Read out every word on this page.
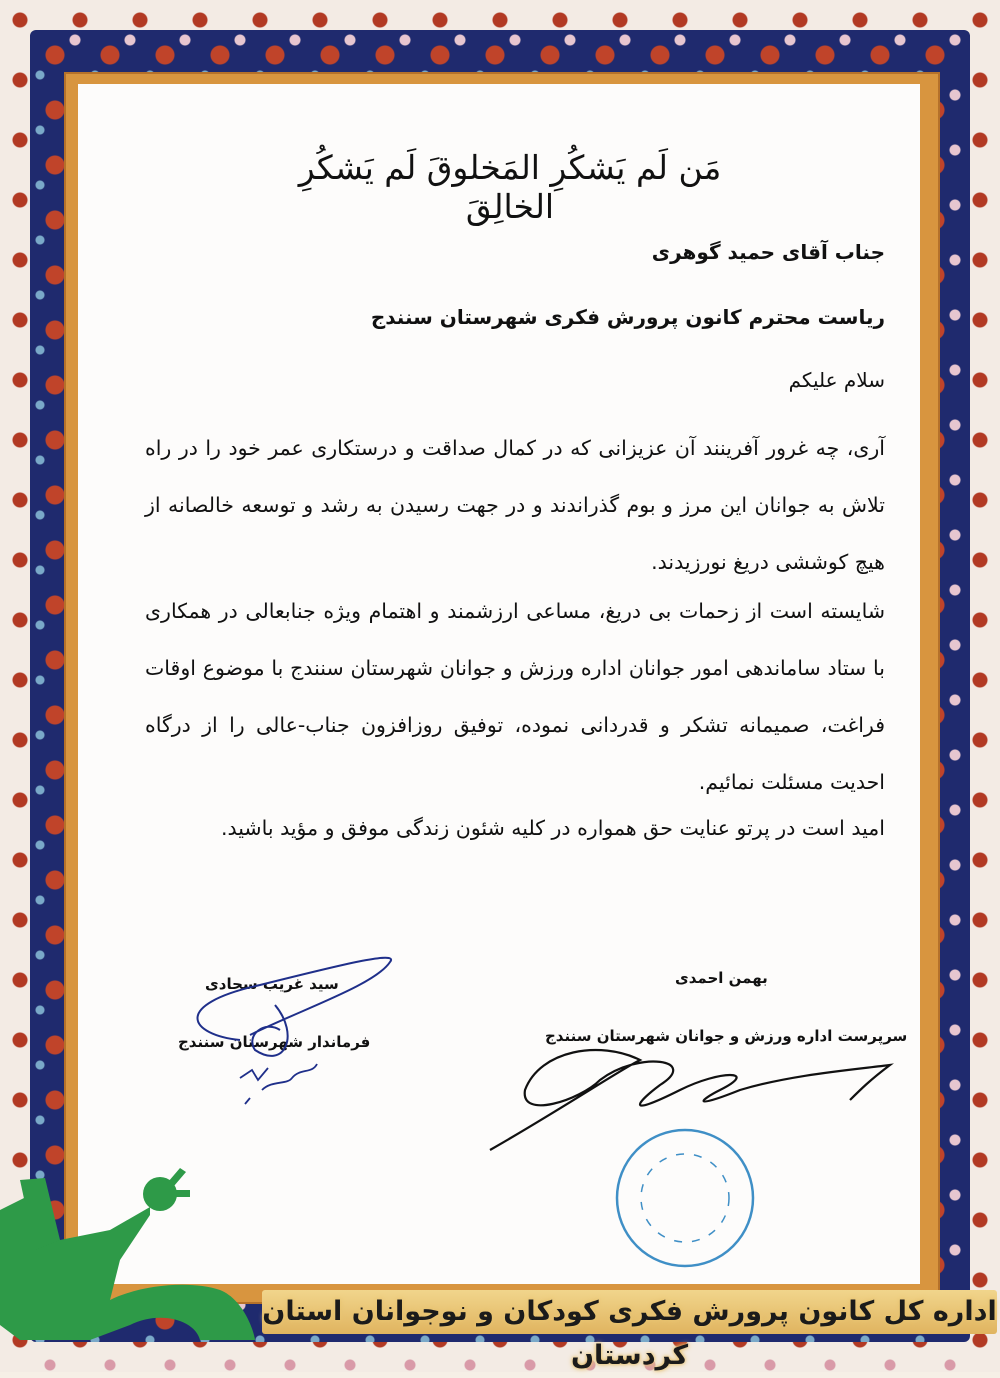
مَن لَم یَشکُرِ المَخلوقَ لَم یَشکُرِ الخالِقَ
جناب آقای حمید گوهری
ریاست محترم کانون پرورش فکری شهرستان سنندج
سلام علیکم
آری، چه غرور آفرینند آن عزیزانی که در کمال صداقت و درستکاری عمر خود را در راه تلاش به جوانان این مرز و بوم گذراندند و در جهت رسیدن به رشد و توسعه خالصانه از هیچ کوششی دریغ نورزیدند.
شایسته است از زحمات بی دریغ، مساعی ارزشمند و اهتمام ویژه جنابعالی در همکاری با ستاد ساماندهی امور جوانان اداره ورزش و جوانان شهرستان سنندج با موضوع اوقات فراغت، صمیمانه تشکر و قدردانی نموده، توفیق روزافزون جناب-عالی را از درگاه احدیت مسئلت نمائیم.
امید است در پرتو عنایت حق همواره در کلیه شئون زندگی موفق و مؤید باشید.
سید غریب سجادی
فرماندار شهرستان سنندج
بهمن احمدی
سرپرست اداره ورزش و جوانان شهرستان سنندج
اداره کل کانون پرورش فکری کودکان و نوجوانان استان کردستان
